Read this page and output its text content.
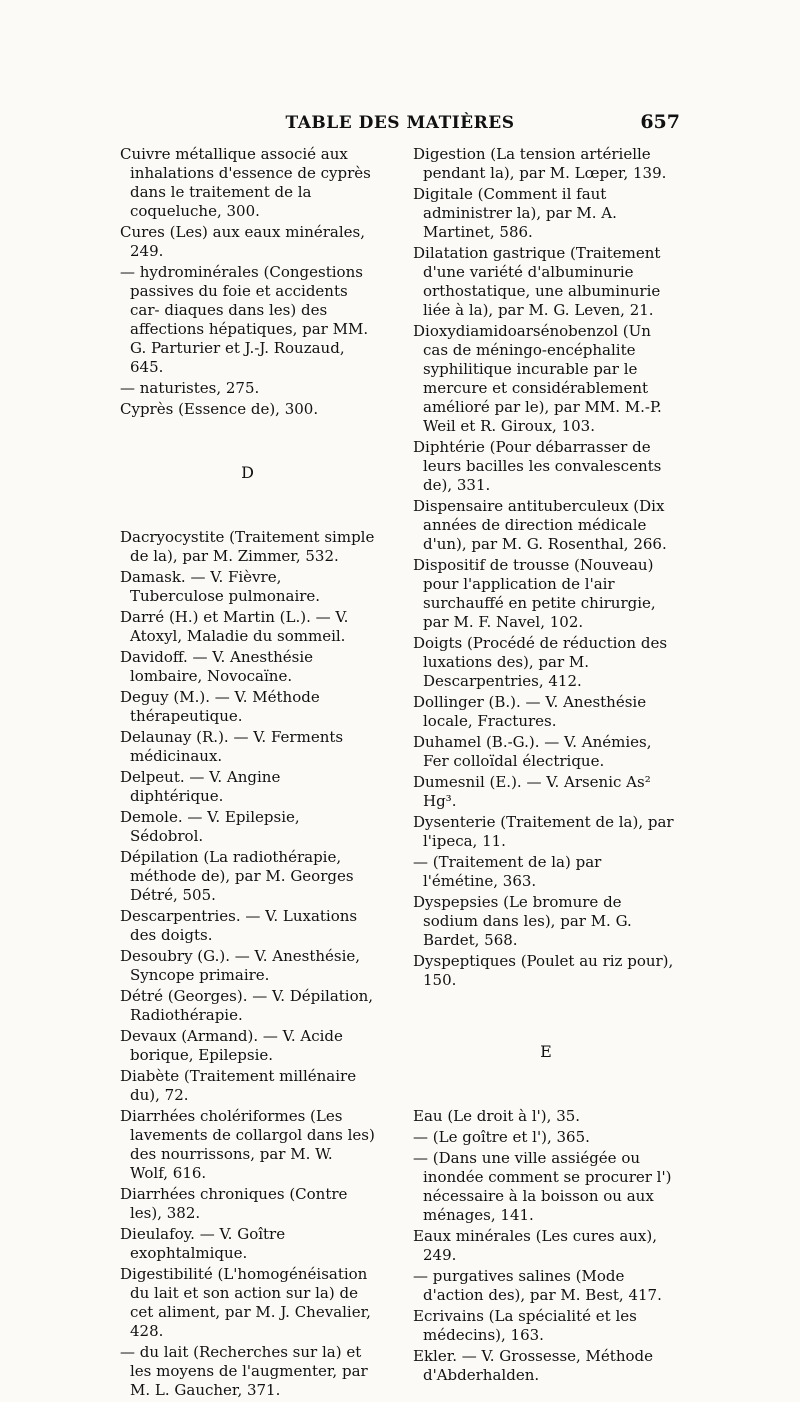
TABLE DES MATIÈRES	657

Cuivre métallique associé aux inhalations d'essence de cyprès dans le traitement de la coqueluche, 300.

Cures (Les) aux eaux minérales, 249.

— hydrominérales (Congestions passives du foie et accidents car- diaques dans les) des affections hépatiques, par MM. G. Parturier et J.-J. Rouzaud, 645.

— naturistes, 275.

Cyprès (Essence de), 300.

D

Dacryocystite (Traitement simple de la), par M. Zimmer, 532.

Damask. — V. Fièvre, Tuberculose pulmonaire.

Darré (H.) et Martin (L.). — V. Atoxyl, Maladie du sommeil.

Davidoff. — V. Anesthésie lombaire, Novocaïne.

Deguy (M.). — V. Méthode thérapeutique.

Delaunay (R.). — V. Ferments médicinaux.

Delpeut. — V. Angine diphtérique.

Demole. — V. Epilepsie, Sédobrol.

Dépilation (La radiothérapie, méthode de), par M. Georges Détré, 505.

Descarpentries. — V. Luxations des doigts.

Desoubry (G.). — V. Anesthésie, Syncope primaire.

Détré (Georges). — V. Dépilation, Radiothérapie.

Devaux (Armand). — V. Acide borique, Epilepsie.

Diabète (Traitement millénaire du), 72.

Diarrhées cholériformes (Les lavements de collargol dans les) des nourrissons, par M. W. Wolf, 616.

Diarrhées chroniques (Contre les), 382.

Dieulafoy. — V. Goître exophtalmique.

Digestibilité (L'homogénéisation du lait et son action sur la) de cet aliment, par M. J. Chevalier, 428.

— du lait (Recherches sur la) et les moyens de l'augmenter, par M. L. Gaucher, 371.

Digestion (La tension artérielle pendant la), par M. Lœper, 139.

Digitale (Comment il faut administrer la), par M. A. Martinet, 586.

Dilatation gastrique (Traitement d'une variété d'albuminurie orthostatique, une albuminurie liée à la), par M. G. Leven, 21.

Dioxydiamidoarsénobenzol (Un cas de méningo-encéphalite syphilitique incurable par le mercure et considérablement amélioré par le), par MM. M.-P. Weil et R. Giroux, 103.

Diphtérie (Pour débarrasser de leurs bacilles les convalescents de), 331.

Dispensaire antituberculeux (Dix années de direction médicale d'un), par M. G. Rosenthal, 266.

Dispositif de trousse (Nouveau) pour l'application de l'air surchauffé en petite chirurgie, par M. F. Navel, 102.

Doigts (Procédé de réduction des luxations des), par M. Descarpentries, 412.

Dollinger (B.). — V. Anesthésie locale, Fractures.

Duhamel (B.-G.). — V. Anémies, Fer colloïdal électrique.

Dumesnil (E.). — V. Arsenic As² Hg³.

Dysenterie (Traitement de la), par l'ipeca, 11.

— (Traitement de la) par l'émétine, 363.

Dyspepsies (Le bromure de sodium dans les), par M. G. Bardet, 568.

Dyspeptiques (Poulet au riz pour), 150.

E

Eau (Le droit à l'), 35.

— (Le goître et l'), 365.

— (Dans une ville assiégée ou inondée comment se procurer l') nécessaire à la boisson ou aux ménages, 141.

Eaux minérales (Les cures aux), 249.

— purgatives salines (Mode d'action des), par M. Best, 417.

Ecrivains (La spécialité et les médecins), 163.

Ekler. — V. Grossesse, Méthode d'Abderhalden.
